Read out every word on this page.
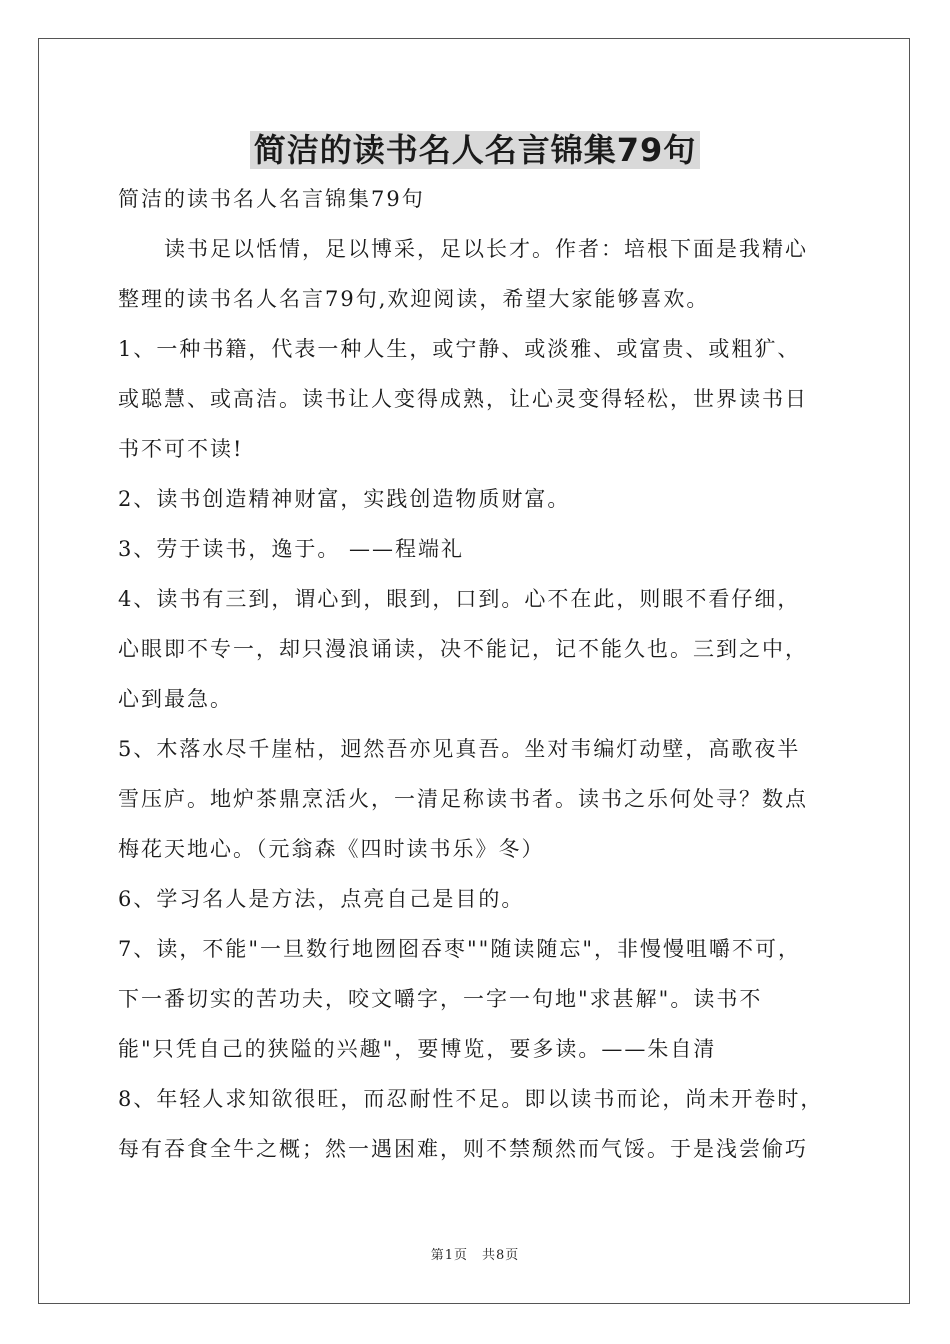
简洁的读书名人名言锦集79句
简洁的读书名人名言锦集79句
　　读书足以恬情，足以博采，足以长才。作者：培根下面是我精心
整理的读书名人名言79句,欢迎阅读，希望大家能够喜欢。
1、一种书籍，代表一种人生，或宁静、或淡雅、或富贵、或粗犷、
或聪慧、或高洁。读书让人变得成熟，让心灵变得轻松，世界读书日
书不可不读!
2、读书创造精神财富，实践创造物质财富。
3、劳于读书，逸于。 ——程端礼
4、读书有三到，谓心到，眼到，口到。心不在此，则眼不看仔细，
心眼即不专一，却只漫浪诵读，决不能记，记不能久也。三到之中，
心到最急。
5、木落水尽千崖枯，迥然吾亦见真吾。坐对韦编灯动壁，高歌夜半
雪压庐。地炉茶鼎烹活火，一清足称读书者。读书之乐何处寻？数点
梅花天地心。（元翁森《四时读书乐》冬）
6、学习名人是方法，点亮自己是目的。
7、读，不能"一旦数行地囫囵吞枣""随读随忘"，非慢慢咀嚼不可，
下一番切实的苦功夫，咬文嚼字，一字一句地"求甚解"。读书不
能"只凭自己的狭隘的兴趣"，要博览，要多读。——朱自清
8、年轻人求知欲很旺，而忍耐性不足。即以读书而论，尚未开卷时，
每有吞食全牛之概；然一遇困难，则不禁颓然而气馁。于是浅尝偷巧
第1页　共8页
